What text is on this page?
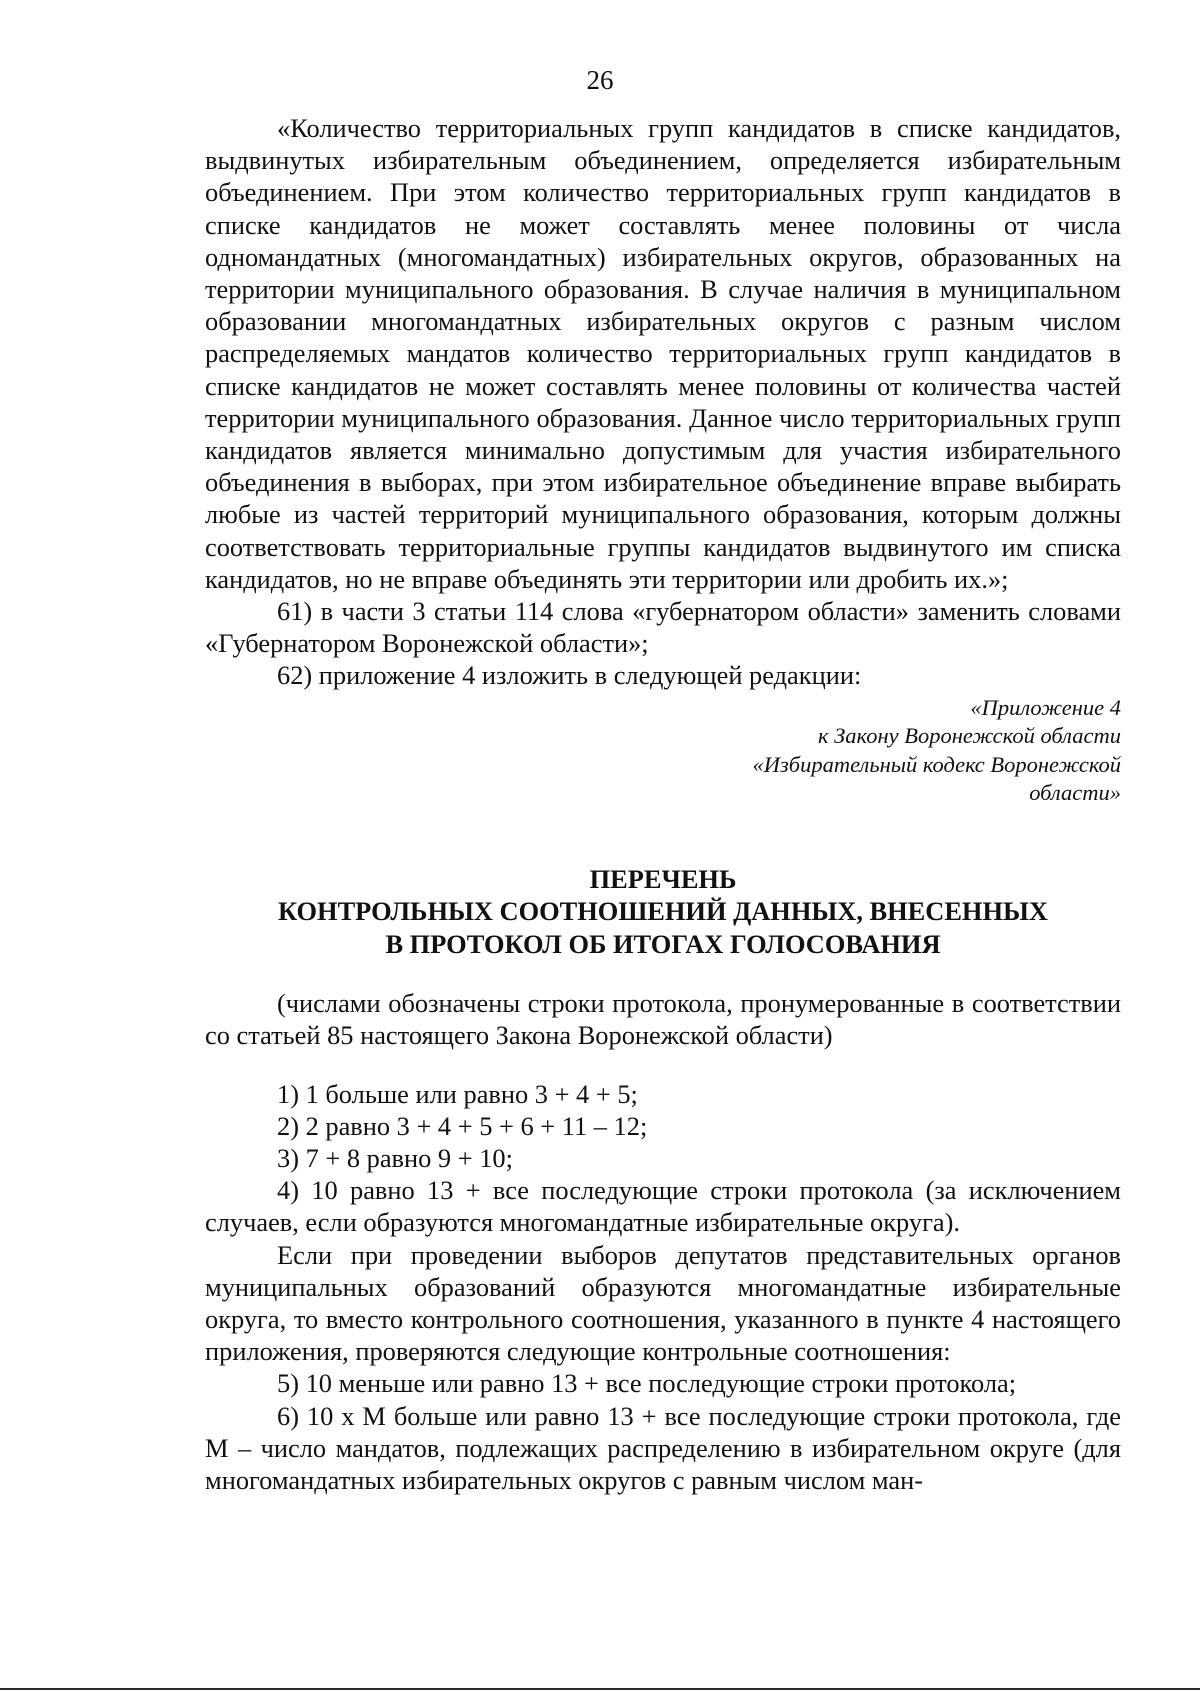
26

«Количество территориальных групп кандидатов в списке кандидатов, выдвинутых избирательным объединением, определяется избирательным объединением. При этом количество территориальных групп кандидатов в списке кандидатов не может составлять менее половины от числа одномандатных (многомандатных) избирательных округов, образованных на территории муниципального образования. В случае наличия в муниципальном образовании многомандатных избирательных округов с разным числом распределяемых мандатов количество территориальных групп кандидатов в списке кандидатов не может составлять менее половины от количества частей территории муниципального образования. Данное число территориальных групп кандидатов является минимально допустимым для участия избирательного объединения в выборах, при этом избирательное объединение вправе выбирать любые из частей территорий муниципального образования, которым должны соответствовать территориальные группы кандидатов выдвинутого им списка кандидатов, но не вправе объединять эти территории или дробить их.»;

61) в части 3 статьи 114 слова «губернатором области» заменить словами «Губернатором Воронежской области»;

62) приложение 4 изложить в следующей редакции:

«Приложение 4
к Закону Воронежской области
«Избирательный кодекс Воронежской
области»
ПЕРЕЧЕНЬ
КОНТРОЛЬНЫХ СООТНОШЕНИЙ ДАННЫХ, ВНЕСЕННЫХ
В ПРОТОКОЛ ОБ ИТОГАХ ГОЛОСОВАНИЯ

(числами обозначены строки протокола, пронумерованные в соответствии со статьей 85 настоящего Закона Воронежской области)

1) 1 больше или равно 3 + 4 + 5;

2) 2 равно 3 + 4 + 5 + 6 + 11 – 12;

3) 7 + 8 равно 9 + 10;

4) 10 равно 13 + все последующие строки протокола (за исключением случаев, если образуются многомандатные избирательные округа).

Если при проведении выборов депутатов представительных органов муниципальных образований образуются многомандатные избирательные округа, то вместо контрольного соотношения, указанного в пункте 4 настоящего приложения, проверяются следующие контрольные соотношения:

5) 10 меньше или равно 13 + все последующие строки протокола;

6) 10 х М больше или равно 13 + все последующие строки протокола, где М – число мандатов, подлежащих распределению в избирательном округе (для многомандатных избирательных округов с равным числом ман-
